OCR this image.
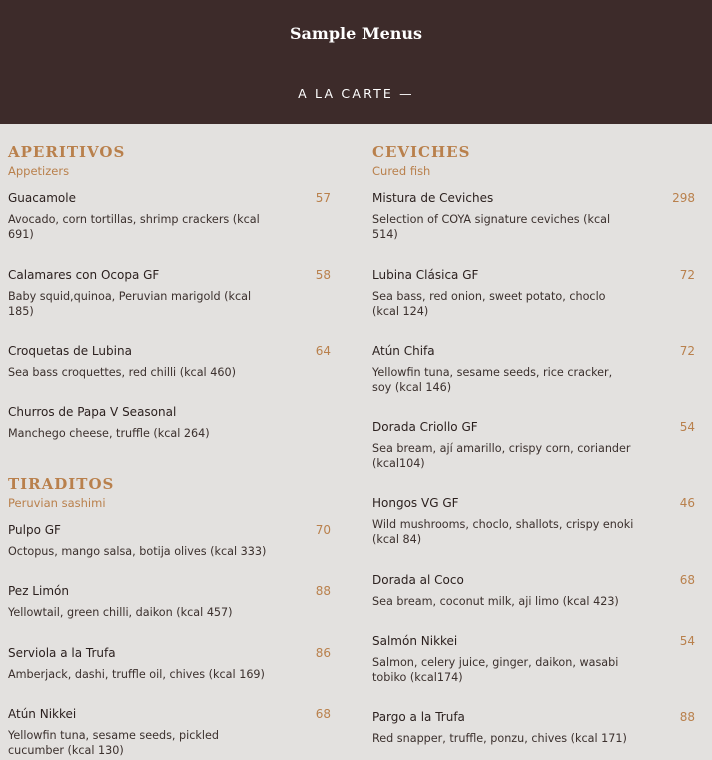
Sample Menus
A LA CARTE —
APERITIVOS
Appetizers
Guacamole	57
Avocado, corn tortillas, shrimp crackers (kcal 691)
Calamares con Ocopa GF	58
Baby squid,quinoa, Peruvian marigold (kcal 185)
Croquetas de Lubina	64
Sea bass croquettes, red chilli (kcal 460)
Churros de Papa V Seasonal
Manchego cheese, truffle (kcal 264)
TIRADITOS
Peruvian sashimi
Pulpo GF	70
Octopus, mango salsa, botija olives (kcal 333)
Pez Limón	88
Yellowtail, green chilli, daikon (kcal 457)
Serviola a la Trufa	86
Amberjack, dashi, truffle oil, chives (kcal 169)
Atún Nikkei	68
Yellowfin tuna, sesame seeds, pickled cucumber (kcal 130)
CEVICHES
Cured fish
Mistura de Ceviches	298
Selection of COYA signature ceviches (kcal 514)
Lubina Clásica GF	72
Sea bass, red onion, sweet potato, choclo (kcal 124)
Atún Chifa	72
Yellowfin tuna, sesame seeds, rice cracker, soy (kcal 146)
Dorada Criollo GF	54
Sea bream, ají amarillo, crispy corn, coriander (kcal104)
Hongos VG GF	46
Wild mushrooms, choclo, shallots, crispy enoki (kcal 84)
Dorada al Coco	68
Sea bream, coconut milk, aji limo (kcal 423)
Salmón Nikkei	54
Salmon, celery juice, ginger, daikon, wasabi tobiko (kcal174)
Pargo a la Trufa	88
Red snapper, truffle, ponzu, chives (kcal 171)
